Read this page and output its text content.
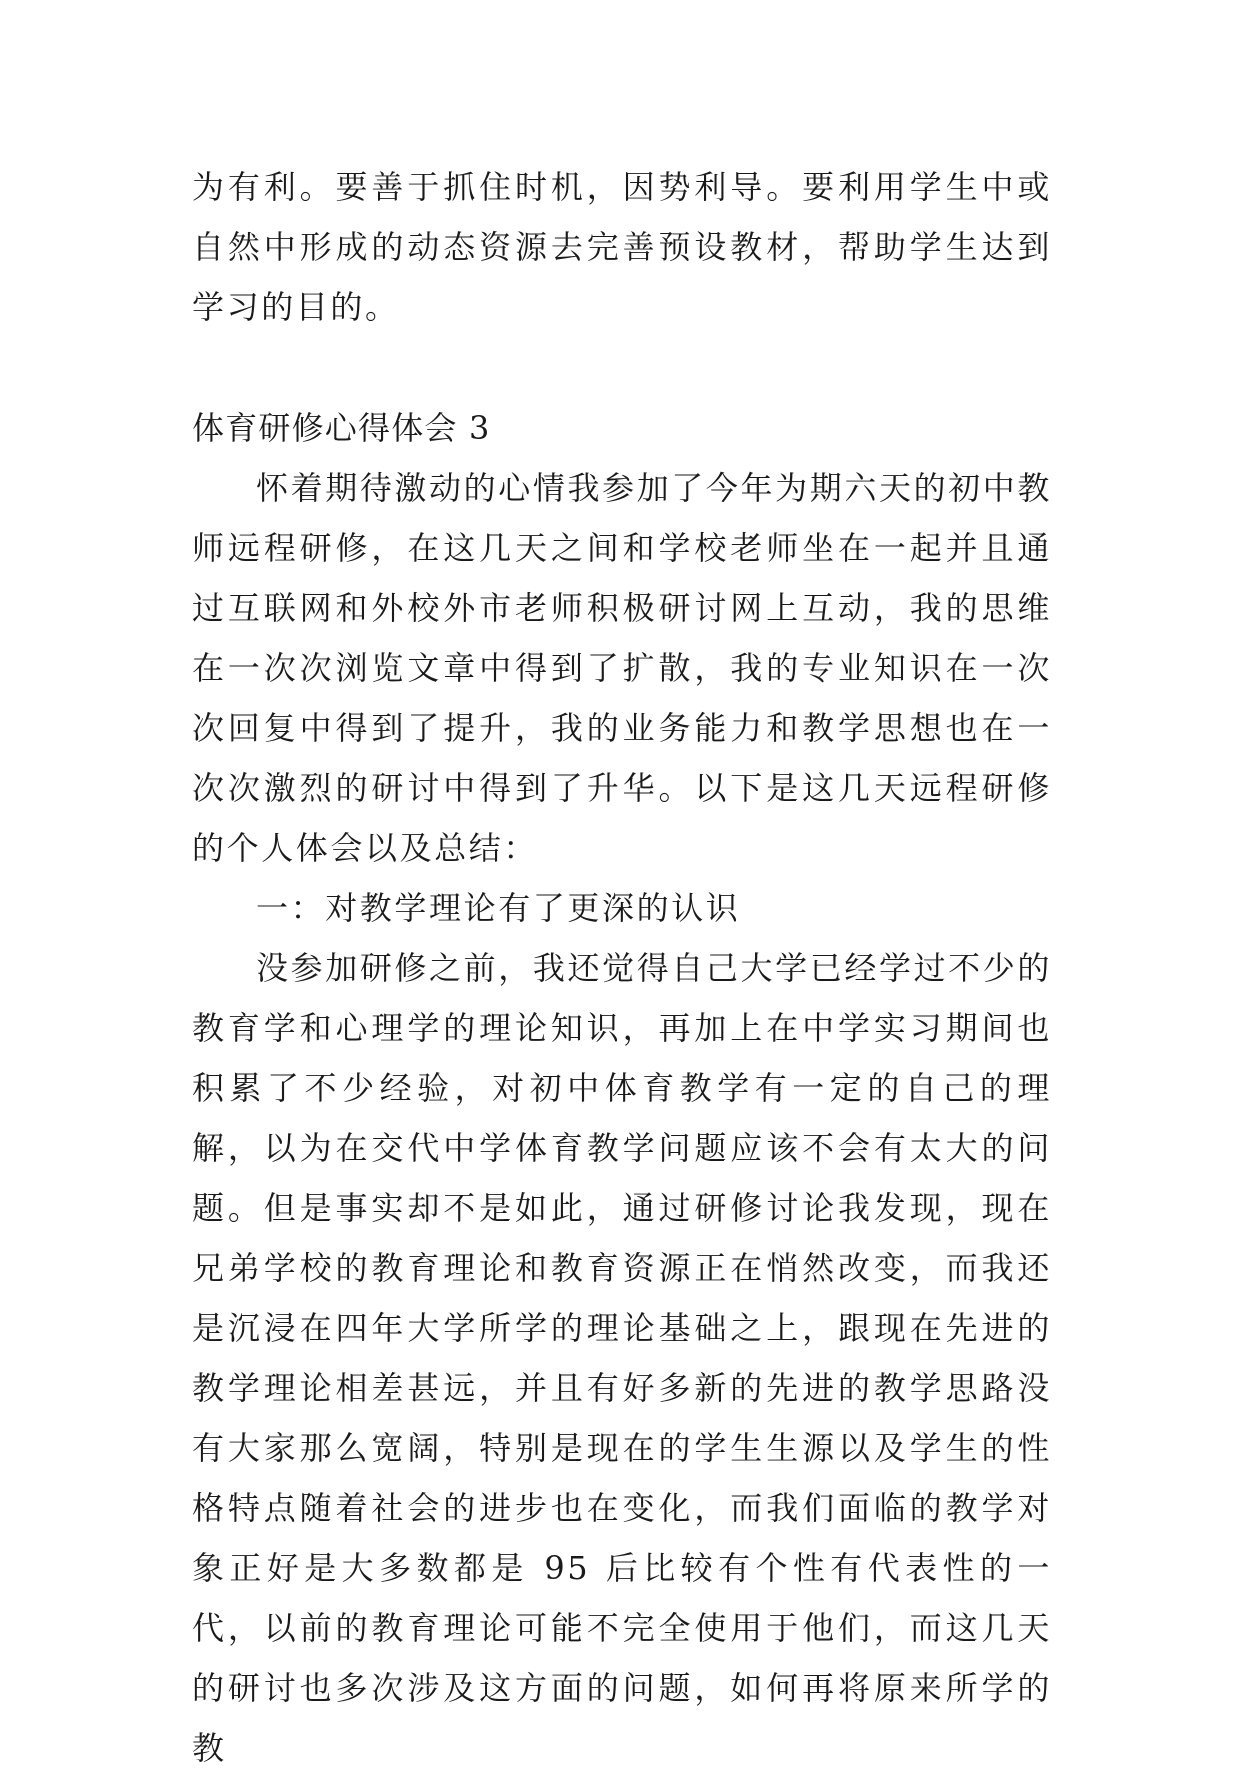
为有利。要善于抓住时机，因势利导。要利用学生中或自然中形成的动态资源去完善预设教材，帮助学生达到学习的目的。

体育研修心得体会 3

怀着期待激动的心情我参加了今年为期六天的初中教师远程研修，在这几天之间和学校老师坐在一起并且通过互联网和外校外市老师积极研讨网上互动，我的思维在一次次浏览文章中得到了扩散，我的专业知识在一次次回复中得到了提升，我的业务能力和教学思想也在一次次激烈的研讨中得到了升华。以下是这几天远程研修的个人体会以及总结：

一：对教学理论有了更深的认识

没参加研修之前，我还觉得自己大学已经学过不少的教育学和心理学的理论知识，再加上在中学实习期间也积累了不少经验，对初中体育教学有一定的自己的理解，以为在交代中学体育教学问题应该不会有太大的问题。但是事实却不是如此，通过研修讨论我发现，现在兄弟学校的教育理论和教育资源正在悄然改变，而我还是沉浸在四年大学所学的理论基础之上，跟现在先进的教学理论相差甚远，并且有好多新的先进的教学思路没有大家那么宽阔，特别是现在的学生生源以及学生的性格特点随着社会的进步也在变化，而我们面临的教学对象正好是大多数都是 95 后比较有个性有代表性的一代，以前的教育理论可能不完全使用于他们，而这几天的研讨也多次涉及这方面的问题，如何再将原来所学的教
